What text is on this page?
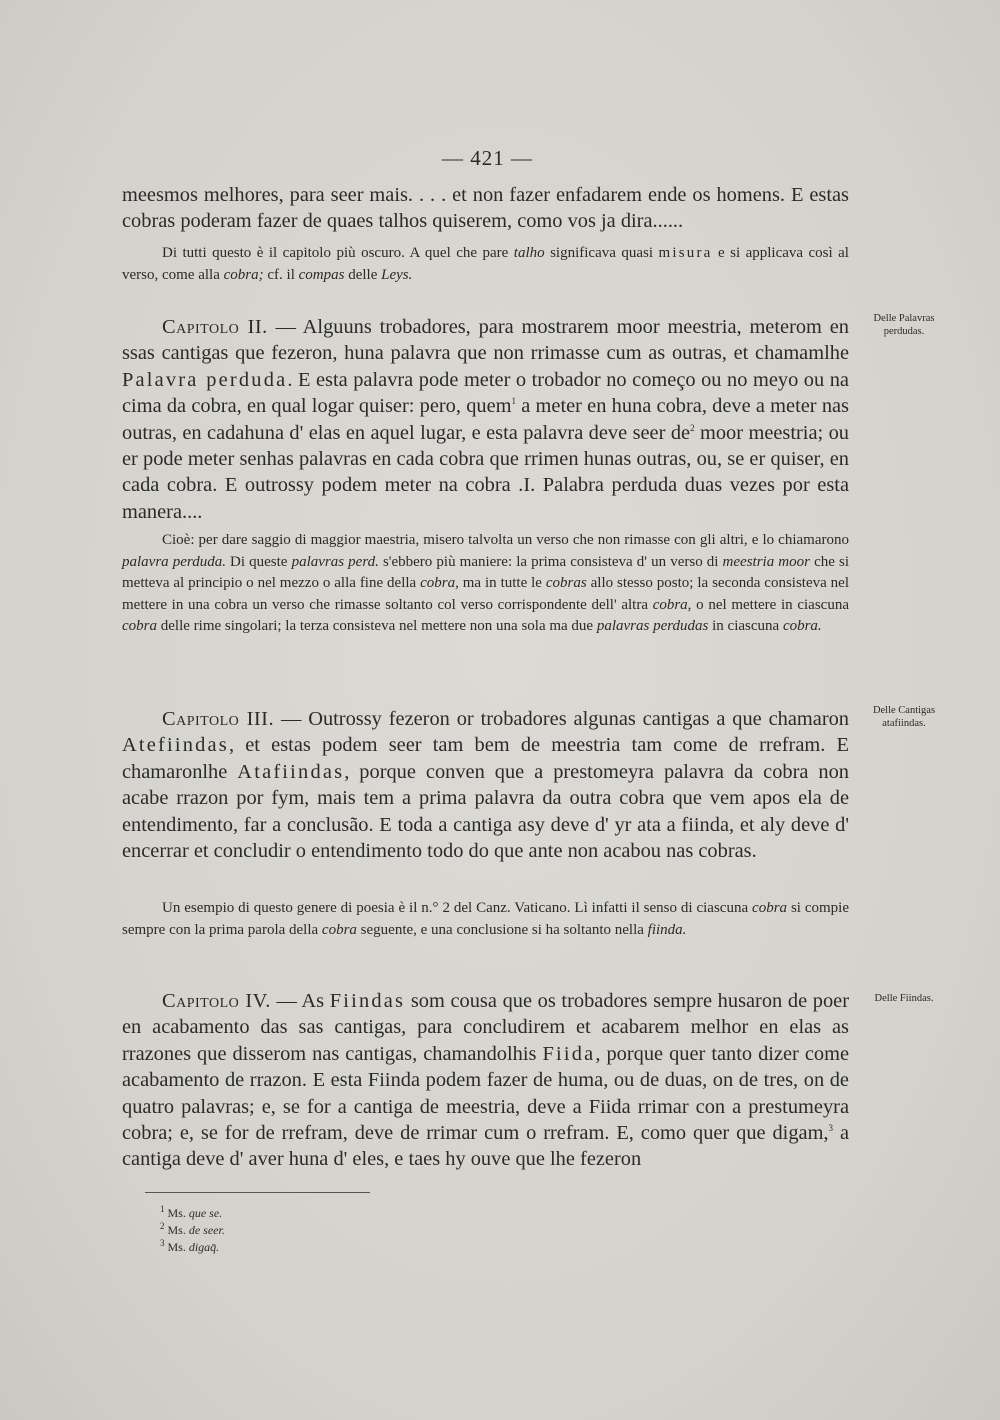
— 421 —

meesmos melhores, para seer mais. . . . et non fazer enfadarem ende os homens. E estas cobras poderam fazer de quaes talhos quiserem, como vos ja dira......

Di tutti questo è il capitolo più oscuro. A quel che pare talho significava quasi misura e si applicava così al verso, come alla cobra; cf. il compas delle Leys.

Delle Palavras perdudas.

Capitolo II. — Alguuns trobadores, para mostrarem moor meestria, meterom en ssas cantigas que fezeron, huna palavra que non rrimasse cum as outras, et chamamlhe Palavra perduda. E esta palavra pode meter o trobador no começo ou no meyo ou na cima da cobra, en qual logar quiser: pero, quem$^1$ a meter en huna cobra, deve a meter nas outras, en cadahuna d' elas en aquel lugar, e esta palavra deve seer $de^2$ moor meestria; ou er pode meter senhas palavras en cada cobra que rrimen hunas outras, ou, se er quiser, en cada cobra. E outrossy podem meter na cobra .I. Palabra perduda duas vezes por esta manera....

Cioè: per dare saggio di maggior maestria, misero talvolta un verso che non rimasse con gli altri, e lo chiamarono palavra perduda. Di queste palavras perd. s'ebbero più maniere: la prima consisteva d' un verso di meestria moor che si metteva al principio o nel mezzo o alla fine della cobra, ma in tutte le cobras allo stesso posto; la seconda consisteva nel mettere in una cobra un verso che rimasse soltanto col verso corrispondente dell' altra cobra, o nel mettere in ciascuna cobra delle rime singolari; la terza consisteva nel mettere non una sola ma due palavras perdudas in ciascuna cobra.

Delle Cantigas atafiindas.

Capitolo III. — Outrossy fezeron or trobadores algunas cantigas a que chamaron Atefiindas, et estas podem seer tam bem de meestria tam come de rrefram. E chamaronlhe Atafiindas, porque conven que a prestomeyra palavra da cobra non acabe rrazon por fym, mais tem a prima palavra da outra cobra que vem apos ela de entendimento, far a conclusão. E toda a cantiga asy deve d' yr ata a fiinda, et aly deve d' encerrar et concludir o entendimento todo do que ante non acabou nas cobras.

Un esempio di questo genere di poesia è il n.° 2 del Canz. Vaticano. Lì infatti il senso di ciascuna cobra si compie sempre con la prima parola della cobra seguente, e una conclusione si ha soltanto nella fiinda.

Delle Fiindas.

Capitolo IV. — As Fiindas som cousa que os trobadores sempre husaron de poer en acabamento das sas cantigas, para concludirem et acabarem melhor en elas as rrazones que disserom nas cantigas, chamandolhis Fiida, porque quer tanto dizer come acabamento de rrazon. E esta Fiinda podem fazer de huma, ou de duas, on de tres, on de quatro palavras; e, se for a cantiga de meestria, deve a Fiida rrimar con a prestumeyra cobra; e, se for de rrefram, deve de rrimar cum o rrefram. E, como quer que digam,$^3$ a cantiga deve d' aver huna d' eles, e taes hy ouve que lhe fezeron

$^1$ Ms. que se.
$^2$ Ms. de seer.
$^3$ Ms. digaq̄.
